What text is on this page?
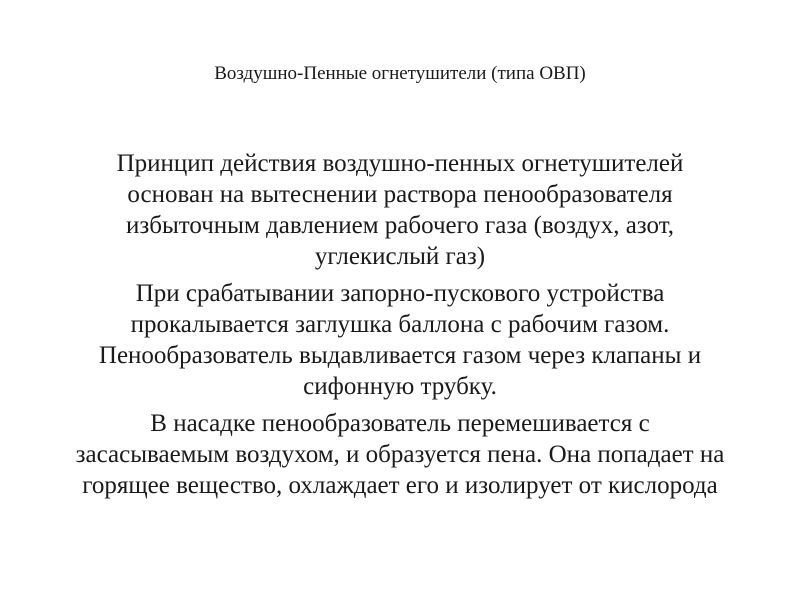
Воздушно-Пенные огнетушители (типа ОВП)

Принцип действия воздушно-пенных огнетушителей основан на вытеснении раствора пенообразователя избыточным давлением рабочего газа (воздух, азот, углекислый газ)

При срабатывании запорно-пускового устройства прокалывается заглушка баллона с рабочим газом. Пенообразователь выдавливается газом через клапаны и сифонную трубку.

В насадке пенообразователь перемешивается с засасываемым воздухом, и образуется пена. Она попадает на горящее вещество, охлаждает его и изолирует от кислорода
